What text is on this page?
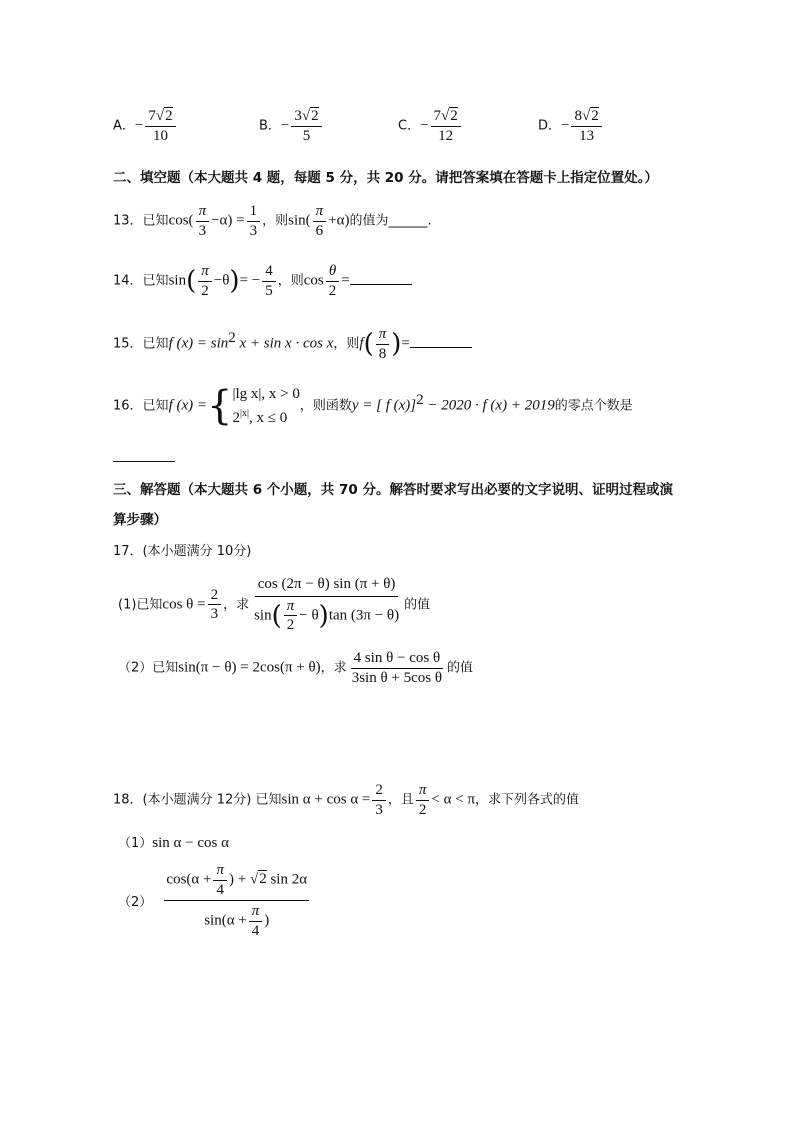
A．− $\frac{7√2}{10}$	B．− $\frac{3√2}{5}$	C．− $\frac{7√2}{12}$	D．− $\frac{8√2}{13}$
二、填空题（本大题共 4 题，每题 5 分，共 20 分。请把答案填在答题卡上指定位置处。）
13．已知$\cos( \frac{\pi}{3} -\alpha) = \frac{1}{3}$ ，则$\sin( \frac{\pi}{6} +\alpha)$的值为______.
14．已知$\sin( \frac{\pi}{2} -\theta)= - \frac{4}{5}$ ，则$\cos \frac{\theta}{2}$ =
15．已知f $(x) = \sin^2 x + \sin x \cdot \cos x$，则$f( \frac{\pi}{8}$ )=
16．已知f (x) ={ |lg x|, x > 0
$2^{|x|}$, x ≤ 0
，则函数y = [ f (x)]$^2$ − 2020 · f (x) + 2019的零点个数是
三、解答题（本大题共 6 个小题，共 70 分。解答时要求写出必要的文字说明、证明过程或演
算步骤）
17．(本小题满分 10分)
(1)已知$\cos \theta = \frac{2}{3}$ ，求 $\frac{\cos (2\pi - \theta) \sin (\pi + \theta)}{\sin( \frac{\pi}{2} - \theta)\tan (3\pi - \theta)}$ 的值
（2）已知sin(π − θ) = 2cos(π + θ)，求 $\frac{\text{4 sin θ − cos θ}}{\text{3sin θ + 5cos θ}}$ 的值
18．(本小题满分 12分) 已知$\sin \alpha + \cos \alpha = \frac{2}{3}$ ，且 $\frac{\pi}{2} < \alpha < \pi$，求下列各式的值
（1）sin α − cos α
$(2) \frac{\cos(\alpha + \frac{\pi}{4} ) + √2 \sin 2\alpha}{\sin(\alpha + \frac{\pi}{4} )}$
